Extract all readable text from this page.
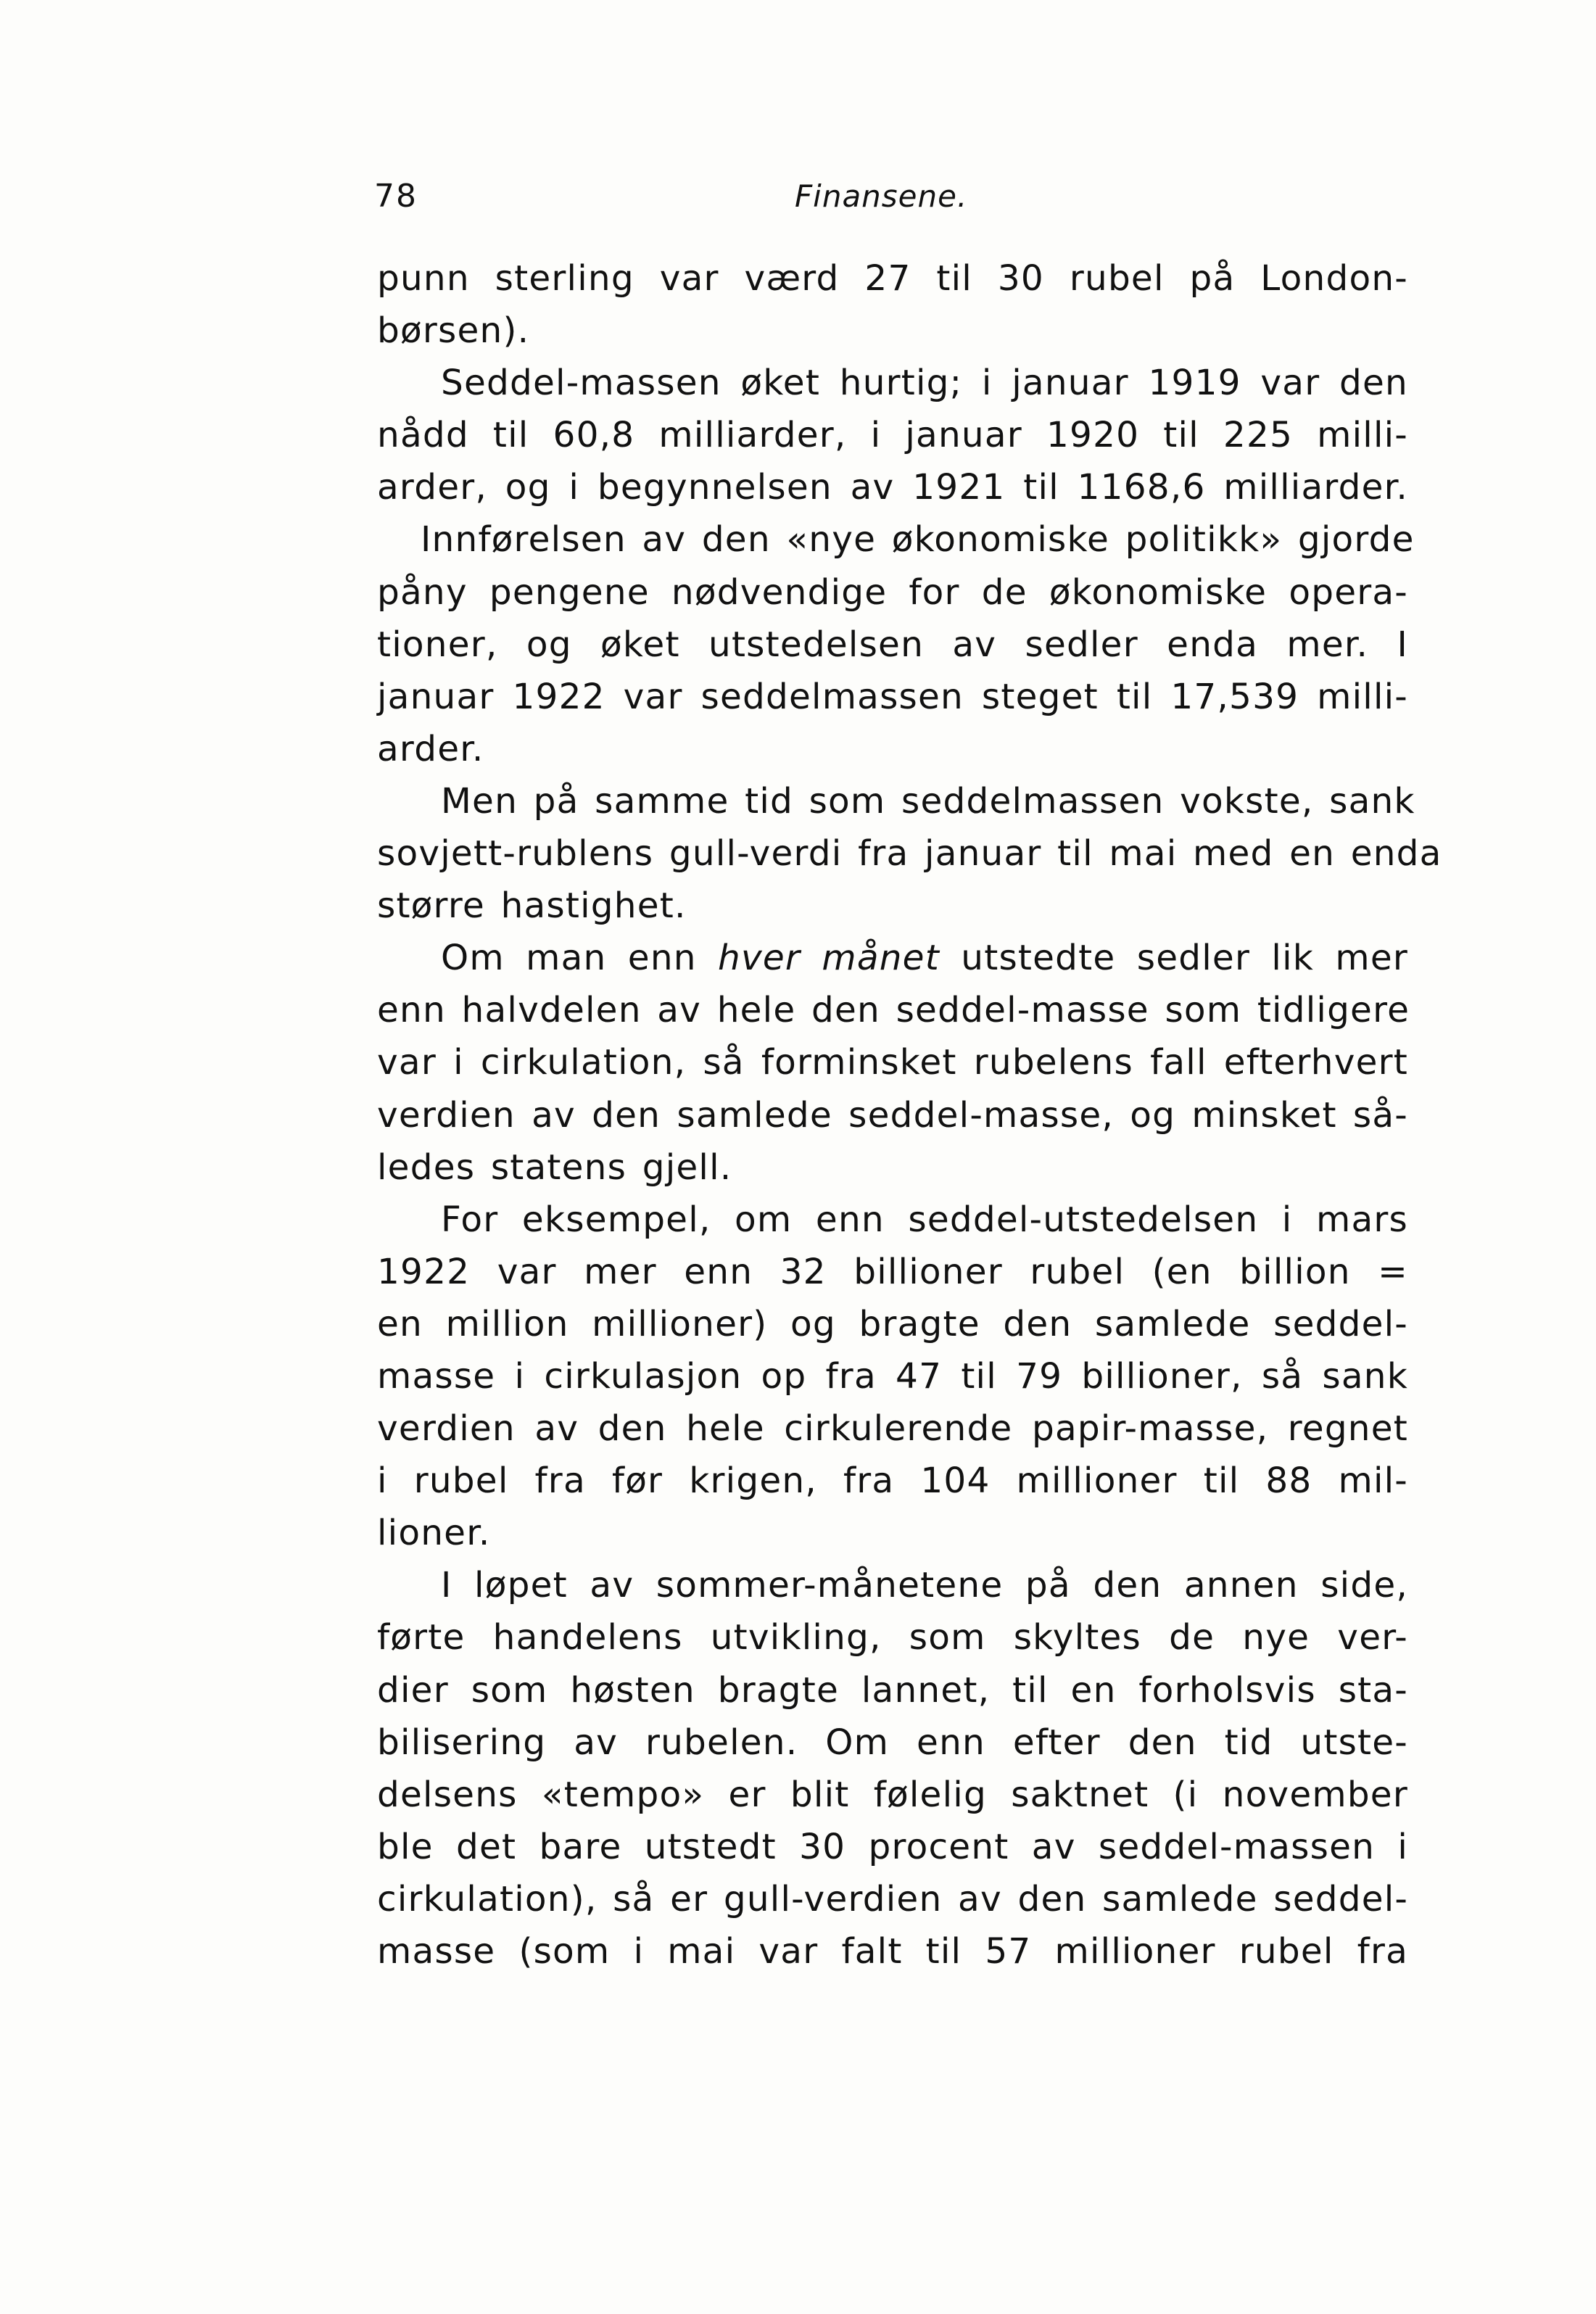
78	Finansene.
punn sterling var værd 27 til 30 rubel på London-
børsen).
Seddel-massen øket hurtig; i januar 1919 var den
nådd til 60,8 milliarder, i januar 1920 til 225 milli-
arder, og i begynnelsen av 1921 til 1168,6 milliarder.
Innførelsen av den «nye økonomiske politikk» gjorde
påny pengene nødvendige for de økonomiske opera-
tioner, og øket utstedelsen av sedler enda mer. I
januar 1922 var seddelmassen steget til 17,539 milli-
arder.
Men på samme tid som seddelmassen vokste, sank
sovjett-rublens gull-verdi fra januar til mai med en enda
større hastighet.
Om man enn hver månet utstedte sedler lik mer
enn halvdelen av hele den seddel-masse som tidligere
var i cirkulation, så forminsket rubelens fall efterhvert
verdien av den samlede seddel-masse, og minsket så-
ledes statens gjell.
For eksempel, om enn seddel-utstedelsen i mars
1922 var mer enn 32 billioner rubel (en billion =
en million millioner) og bragte den samlede seddel-
masse i cirkulasjon op fra 47 til 79 billioner, så sank
verdien av den hele cirkulerende papir-masse, regnet
i rubel fra før krigen, fra 104 millioner til 88 mil-
lioner.
I løpet av sommer-månetene på den annen side,
førte handelens utvikling, som skyltes de nye ver-
dier som høsten bragte lannet, til en forholsvis sta-
bilisering av rubelen. Om enn efter den tid utste-
delsens «tempo» er blit følelig saktnet (i november
ble det bare utstedt 30 procent av seddel-massen i
cirkulation), så er gull-verdien av den samlede seddel-
masse (som i mai var falt til 57 millioner rubel fra
